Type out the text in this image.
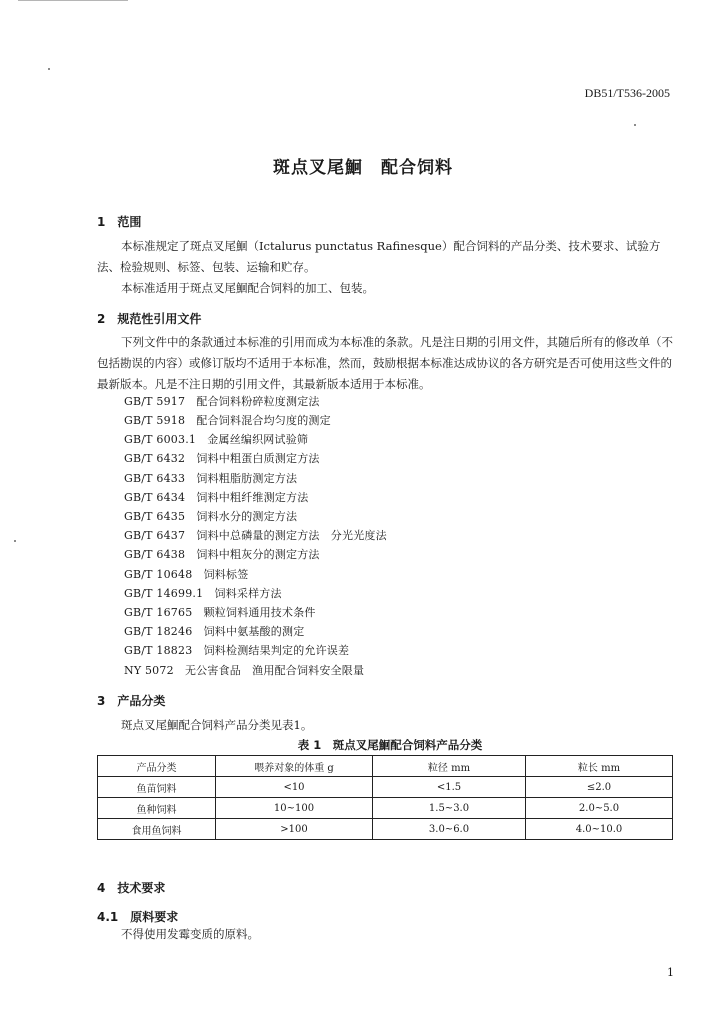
DB51/T536-2005
斑点叉尾鮰　配合饲料
1　范围
本标准规定了斑点叉尾鮰（Ictalurus punctatus Rafinesque）配合饲料的产品分类、技术要求、试验方法、检验规则、标签、包装、运输和贮存。
本标准适用于斑点叉尾鮰配合饲料的加工、包装。
2　规范性引用文件
下列文件中的条款通过本标准的引用而成为本标准的条款。凡是注日期的引用文件，其随后所有的修改单（不包括勘误的内容）或修订版均不适用于本标准，然而，鼓励根据本标准达成协议的各方研究是否可使用这些文件的最新版本。凡是不注日期的引用文件，其最新版本适用于本标准。
GB/T 5917　配合饲料粉碎粒度测定法
GB/T 5918　配合饲料混合均匀度的测定
GB/T 6003.1　金属丝编织网试验筛
GB/T 6432　饲料中粗蛋白质测定方法
GB/T 6433　饲料粗脂肪测定方法
GB/T 6434　饲料中粗纤维测定方法
GB/T 6435　饲料水分的测定方法
GB/T 6437　饲料中总磷量的测定方法　分光光度法
GB/T 6438　饲料中粗灰分的测定方法
GB/T 10648　饲料标签
GB/T 14699.1　饲料采样方法
GB/T 16765　颗粒饲料通用技术条件
GB/T 18246　饲料中氨基酸的测定
GB/T 18823　饲料检测结果判定的允许误差
NY 5072　无公害食品　渔用配合饲料安全限量
3　产品分类
斑点叉尾鮰配合饲料产品分类见表1。
表 1　斑点叉尾鮰配合饲料产品分类
产品分类	喂养对象的体重 g	粒径 mm	粒长 mm
鱼苗饲料	<10	<1.5	≤2.0
鱼种饲料	10~100	1.5~3.0	2.0~5.0
食用鱼饲料	>100	3.0~6.0	4.0~10.0
4　技术要求
4.1　原料要求
不得使用发霉变质的原料。
1
